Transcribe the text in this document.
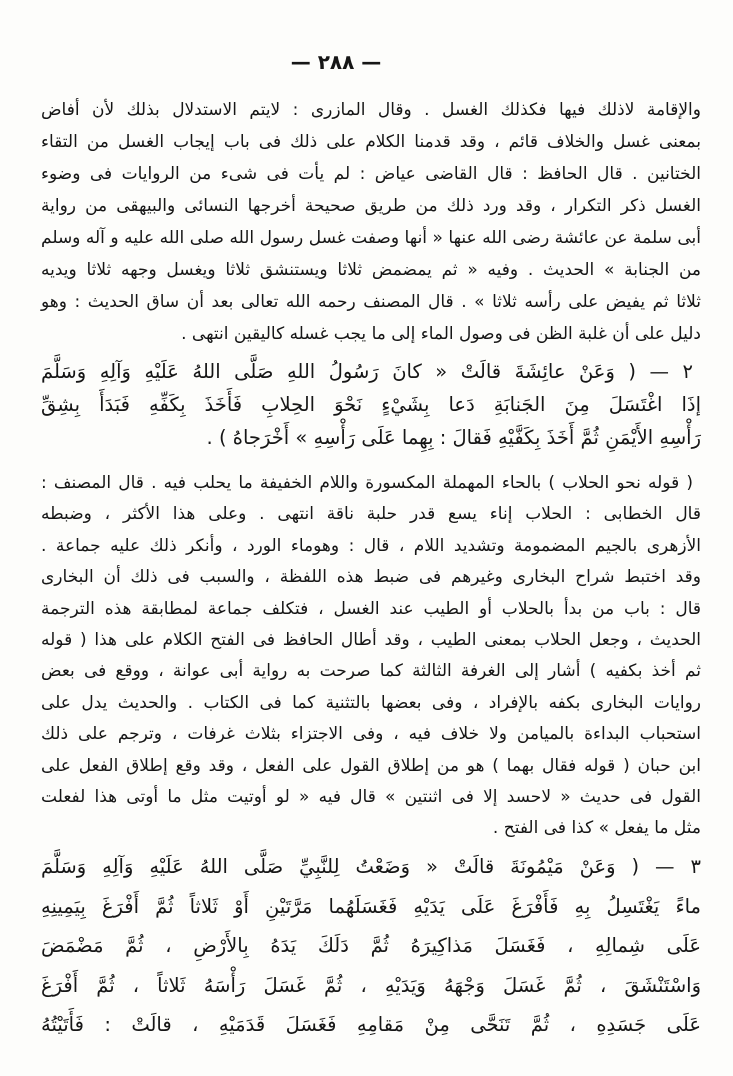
— ٢٨٨ —
والإقامة لاذلك فيها فكذلك الغسل . وقال المازرى : لايتم الاستدلال بذلك لأن أفاض
بمعنى غسل والخلاف قائم ، وقد قدمنا الكلام على ذلك فى باب إيجاب الغسل من التقاء
الختانين . قال الحافظ : قال القاضى عياض : لم يأت فى شىء من الروايات فى وضوء
الغسل ذكر التكرار ، وقد ورد ذلك من طريق صحيحة أخرجها النسائى والبيهقى من رواية
أبى سلمة عن عائشة رضى الله عنها « أنها وصفت غسل رسول الله صلى الله عليه و آله وسلم
من الجنابة » الحديث . وفيه « ثم يمضمض ثلاثا ويستنشق ثلاثا ويغسل وجهه ثلاثا ويديه
ثلاثا ثم يفيض على رأسه ثلاثا » . قال المصنف رحمه الله تعالى بعد أن ساق الحديث : وهو
دليل على أن غلبة الظن فى وصول الماء إلى ما يجب غسله كاليقين انتهى .
٢ — ( وَعَنْ عائِشَةَ قالَتْ « كانَ رَسُولُ اللهِ صَلَّى اللهُ عَلَيْهِ وَآلِهِ وَسَلَّمَ
إذَا اغْتَسَلَ مِنَ الجَنابَةِ دَعا بِشَيْءٍ نَحْوَ الحِلابِ فَأَخَذَ بِكَفِّهِ فَبَدَأَ بِشِقِّ
رَأْسِهِ الأَيْمَنِ ثُمَّ أَخَذَ بِكَفَّيْهِ فَقالَ : بِهِما عَلَى رَأْسِهِ » أَخْرَجاهُ ) .
( قوله نحو الحلاب ) بالحاء المهملة المكسورة واللام الخفيفة ما يحلب فيه . قال المصنف :
قال الخطابى : الحلاب إناء يسع قدر حلبة ناقة انتهى . وعلى هذا الأكثر ، وضبطه
الأزهرى بالجيم المضمومة وتشديد اللام ، قال : وهوماء الورد ، وأنكر ذلك عليه جماعة .
وقد اختبط شراح البخارى وغيرهم فى ضبط هذه اللفظة ، والسبب فى ذلك أن البخارى
قال : باب من بدأ بالحلاب أو الطيب عند الغسل ، فتكلف جماعة لمطابقة هذه الترجمة
الحديث ، وجعل الحلاب بمعنى الطيب ، وقد أطال الحافظ فى الفتح الكلام على هذا ( قوله
ثم أخذ بكفيه ) أشار إلى الغرفة الثالثة كما صرحت به رواية أبى عوانة ، ووقع فى بعض
روايات البخارى بكفه بالإفراد ، وفى بعضها بالتثنية كما فى الكتاب . والحديث يدل على
استحباب البداءة بالميامن ولا خلاف فيه ، وفى الاجتزاء بثلاث غرفات ، وترجم على ذلك
ابن حبان ( قوله فقال بهما ) هو من إطلاق القول على الفعل ، وقد وقع إطلاق الفعل على
القول فى حديث « لاحسد إلا فى اثنتين » قال فيه « لو أوتيت مثل ما أوتى هذا لفعلت
مثل ما يفعل » كذا فى الفتح .
٣ — ( وَعَنْ مَيْمُونَةَ قالَتْ « وَضَعْتُ لِلنَّبِيِّ صَلَّى اللهُ عَلَيْهِ وَآلِهِ وَسَلَّمَ
ماءً يَغْتَسِلُ بِهِ فَأَفْرَغَ عَلَى يَدَيْهِ فَغَسَلَهُما مَرَّتَيْنِ أَوْ ثَلاثاً ثُمَّ أَفْرَغَ بِيَمِينِهِ
عَلَى شِمالِهِ ، فَغَسَلَ مَذاكِيرَهُ ثُمَّ دَلَكَ يَدَهُ بِالأَرْضِ ، ثُمَّ مَضْمَضَ
وَاسْتَنْشَقَ ، ثُمَّ غَسَلَ وَجْهَهُ وَيَدَيْهِ ، ثُمَّ غَسَلَ رَأْسَهُ ثَلاثاً ، ثُمَّ أَفْرَغَ
عَلَى جَسَدِهِ ، ثُمَّ تَنَحَّى مِنْ مَقامِهِ فَغَسَلَ قَدَمَيْهِ ، قالَتْ : فَأَتَيْتُهُ
